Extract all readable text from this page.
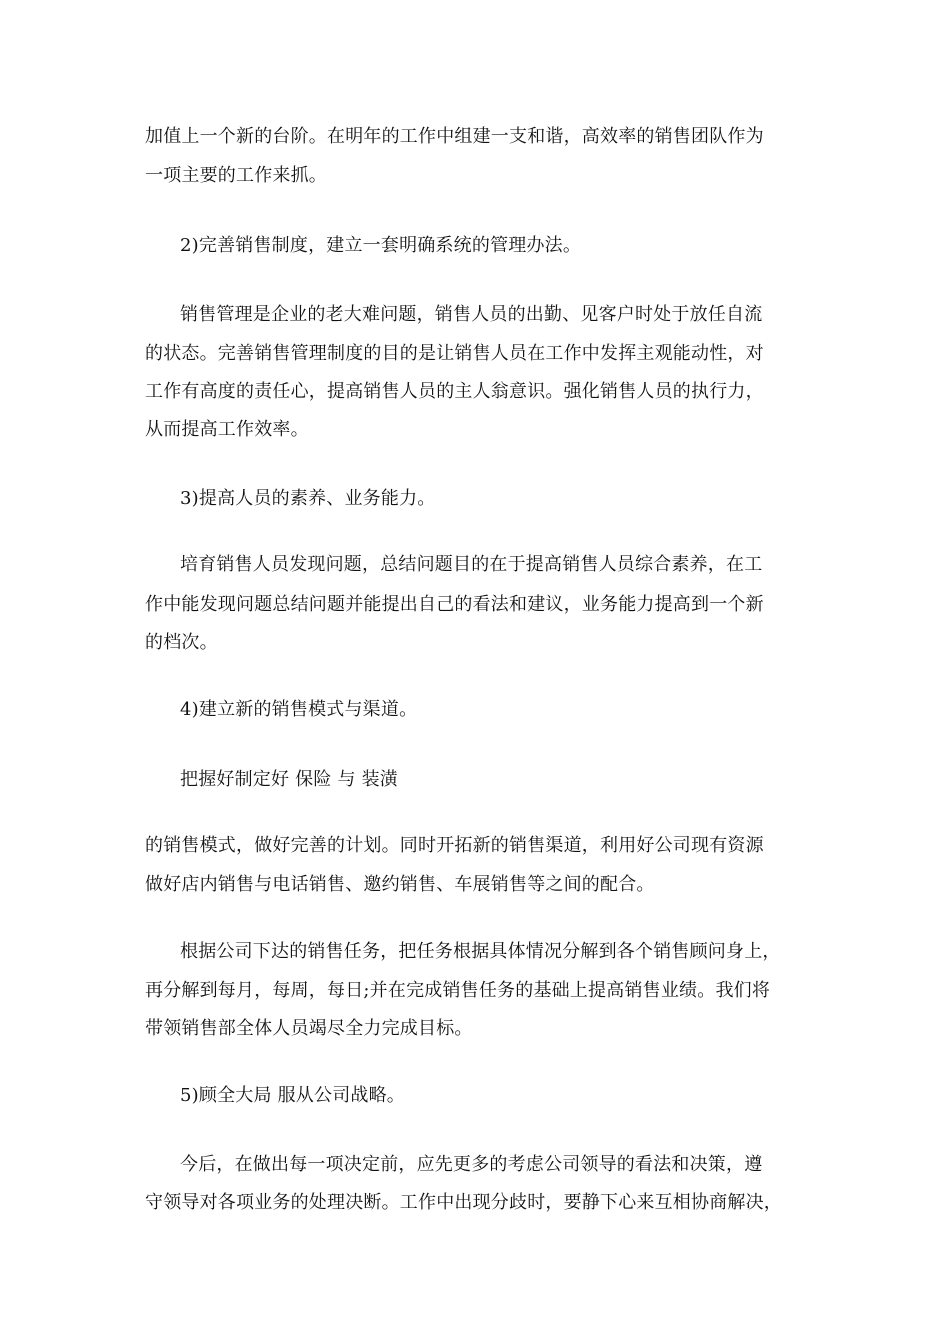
加值上一个新的台阶。在明年的工作中组建一支和谐，高效率的销售团队作为
一项主要的工作来抓。
2)完善销售制度，建立一套明确系统的管理办法。
销售管理是企业的老大难问题，销售人员的出勤、见客户时处于放任自流
的状态。完善销售管理制度的目的是让销售人员在工作中发挥主观能动性，对
工作有高度的责任心，提高销售人员的主人翁意识。强化销售人员的执行力，
从而提高工作效率。
3)提高人员的素养、业务能力。
培育销售人员发现问题，总结问题目的在于提高销售人员综合素养，在工
作中能发现问题总结问题并能提出自己的看法和建议，业务能力提高到一个新
的档次。
4)建立新的销售模式与渠道。
把握好制定好 保险 与 装潢
的销售模式，做好完善的计划。同时开拓新的销售渠道，利用好公司现有资源
做好店内销售与电话销售、邀约销售、车展销售等之间的配合。
根据公司下达的销售任务，把任务根据具体情况分解到各个销售顾问身上，
再分解到每月，每周，每日;并在完成销售任务的基础上提高销售业绩。我们将
带领销售部全体人员竭尽全力完成目标。
5)顾全大局 服从公司战略。
今后，在做出每一项决定前，应先更多的考虑公司领导的看法和决策，遵
守领导对各项业务的处理决断。工作中出现分歧时，要静下心来互相协商解决，
